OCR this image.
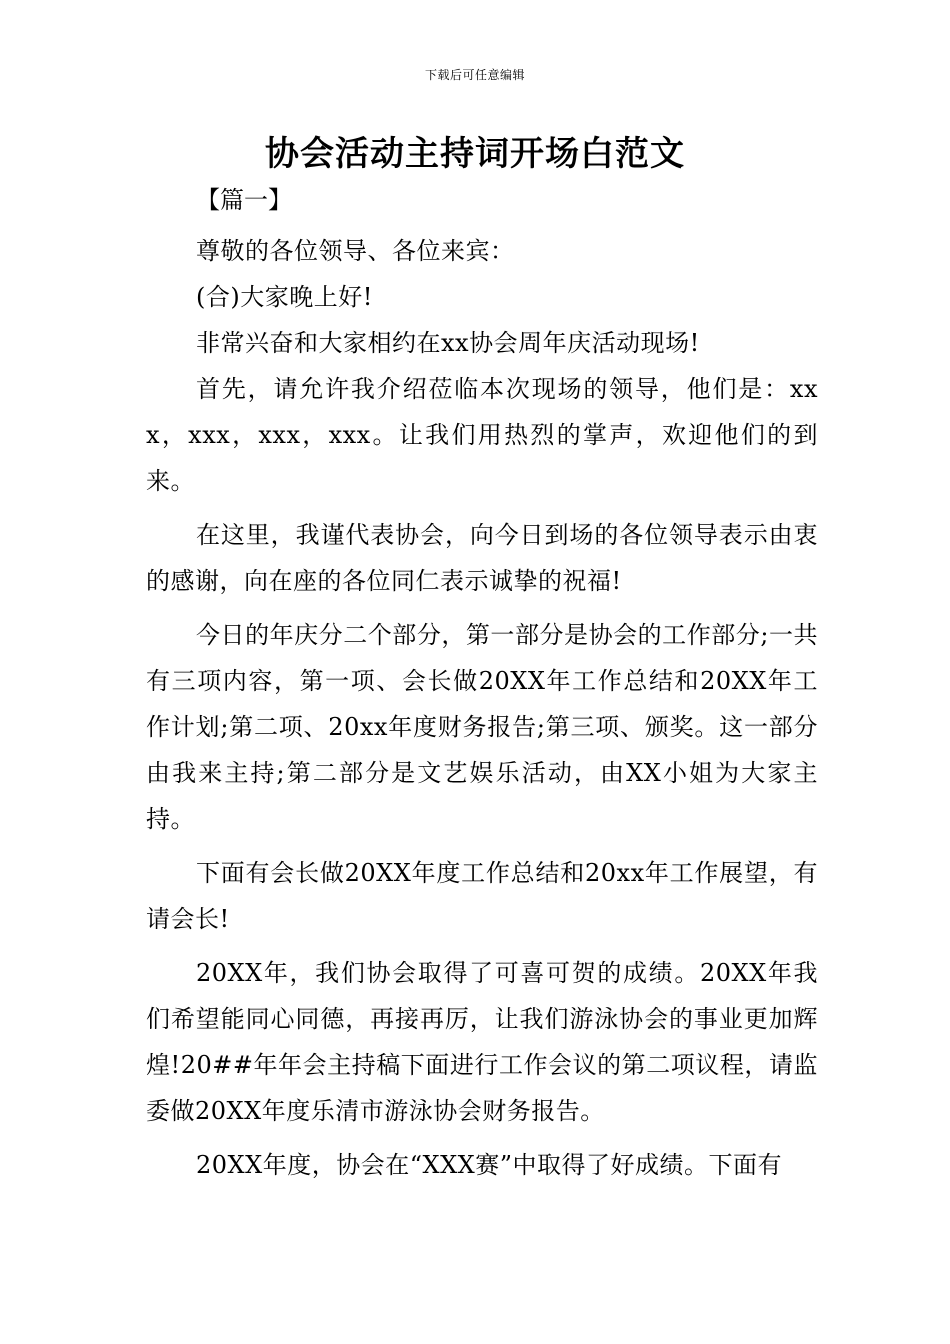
下载后可任意编辑
协会活动主持词开场白范文
【篇一】

尊敬的各位领导、各位来宾：

(合)大家晚上好!

非常兴奋和大家相约在xx协会周年庆活动现场!

首先，请允许我介绍莅临本次现场的领导，他们是：xxx，xxx，xxx，xxx。让我们用热烈的掌声，欢迎他们的到来。

在这里，我谨代表协会，向今日到场的各位领导表示由衷的感谢，向在座的各位同仁表示诚挚的祝福!

今日的年庆分二个部分，第一部分是协会的工作部分;一共有三项内容，第一项、会长做20XX年工作总结和20XX年工作计划;第二项、20xx年度财务报告;第三项、颁奖。这一部分由我来主持;第二部分是文艺娱乐活动，由XX小姐为大家主持。

下面有会长做20XX年度工作总结和20xx年工作展望，有请会长!

20XX年，我们协会取得了可喜可贺的成绩。20XX年我们希望能同心同德，再接再厉，让我们游泳协会的事业更加辉煌!20##年年会主持稿下面进行工作会议的第二项议程，请监委做20XX年度乐清市游泳协会财务报告。

20XX年度，协会在“XXX赛”中取得了好成绩。下面有
